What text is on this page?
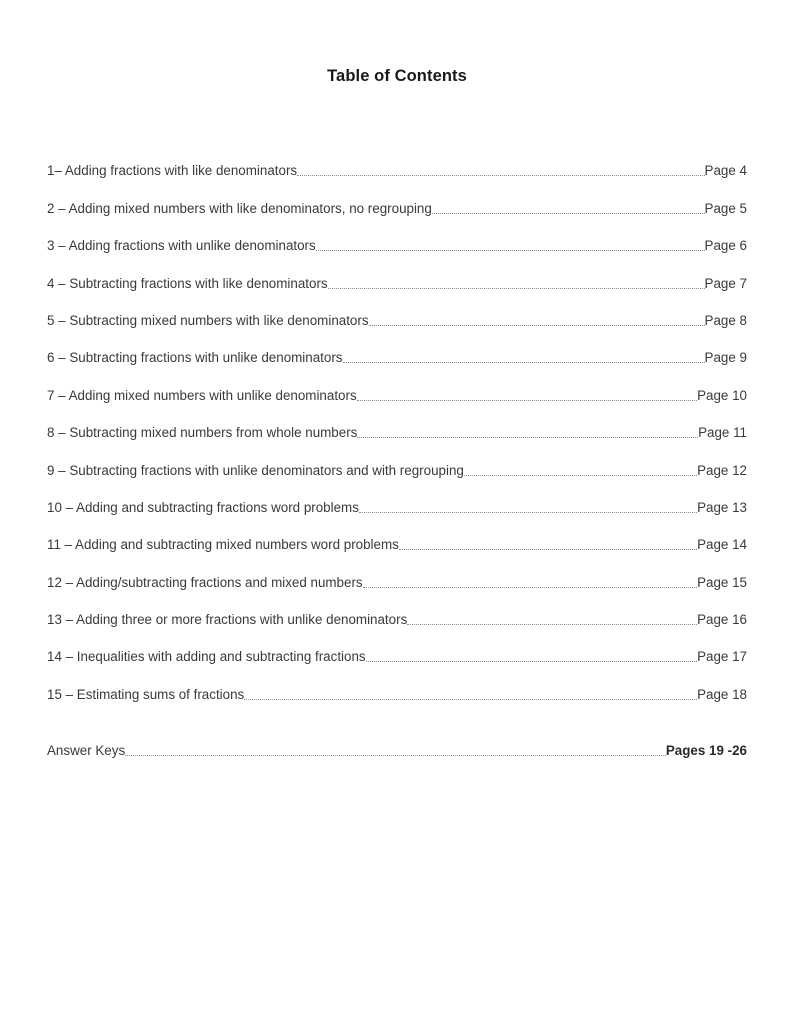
Table of Contents
1– Adding fractions with like denominators	Page 4
2 – Adding mixed numbers with like denominators, no regrouping	Page 5
3 – Adding fractions with unlike denominators	Page 6
4 – Subtracting fractions with like denominators	Page 7
5 – Subtracting mixed numbers with like denominators	Page 8
6 – Subtracting fractions with unlike denominators	Page 9
7 – Adding mixed numbers with unlike denominators	Page 10
8 – Subtracting mixed numbers from whole numbers	Page 11
9 – Subtracting fractions with unlike denominators and with regrouping	Page 12
10 – Adding and subtracting fractions word problems	Page 13
11 – Adding and subtracting mixed numbers word problems	Page 14
12 – Adding/subtracting fractions and mixed numbers	Page 15
13 – Adding three or more fractions with unlike denominators	Page 16
14 – Inequalities with adding and subtracting fractions	Page 17
15 – Estimating sums of fractions	Page 18
Answer Keys	Pages 19 -26
